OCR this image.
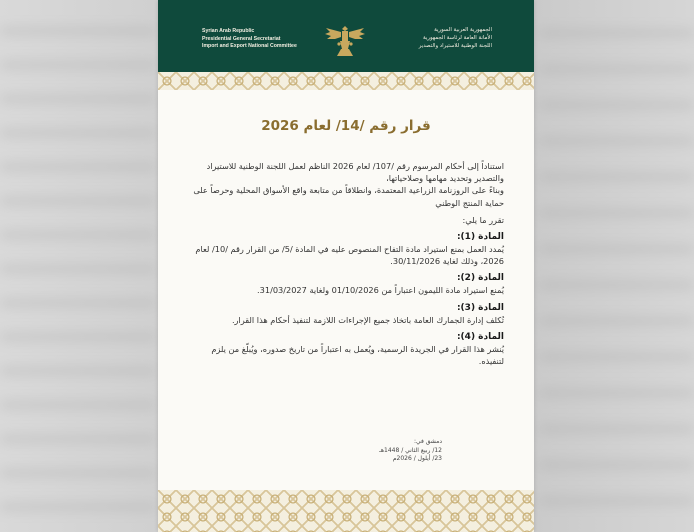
Syrian Arab Republic
Presidential General Secretariat
Import and Export National Committee
الجمهورية العربية السورية
الأمانة العامة لرئاسة الجمهورية
اللجنة الوطنية للاستيراد والتصدير
قرار رقم /14/ لعام 2026

استناداً إلى أحكام المرسوم رقم /107/ لعام 2026 الناظم لعمل اللجنة الوطنية للاستيراد والتصدير وتحديد مهامها وصلاحياتها،

وبناءً على الروزنامة الزراعية المعتمدة، وانطلاقاً من متابعة واقع الأسواق المحلية وحرصاً على حماية المنتج الوطني

تقرر ما يلي:

المادة (1):

يُمدد العمل بمنع استيراد مادة التفاح المنصوص عليه في المادة /5/ من القرار رقم /10/ لعام 2026، وذلك لغاية 30/11/2026.

المادة (2):

يُمنع استيراد مادة الليمون اعتباراً من 01/10/2026 ولغاية 31/03/2027.

المادة (3):

تُكلف إدارة الجمارك العامة باتخاذ جميع الإجراءات اللازمة لتنفيذ أحكام هذا القرار.

المادة (4):

يُنشر هذا القرار في الجريدة الرسمية، ويُعمل به اعتباراً من تاريخ صدوره، ويُبلّغ من يلزم لتنفيذه.

دمشق في:
12/ ربيع الثاني / 1448هـ
23/ أيلول / 2026م
